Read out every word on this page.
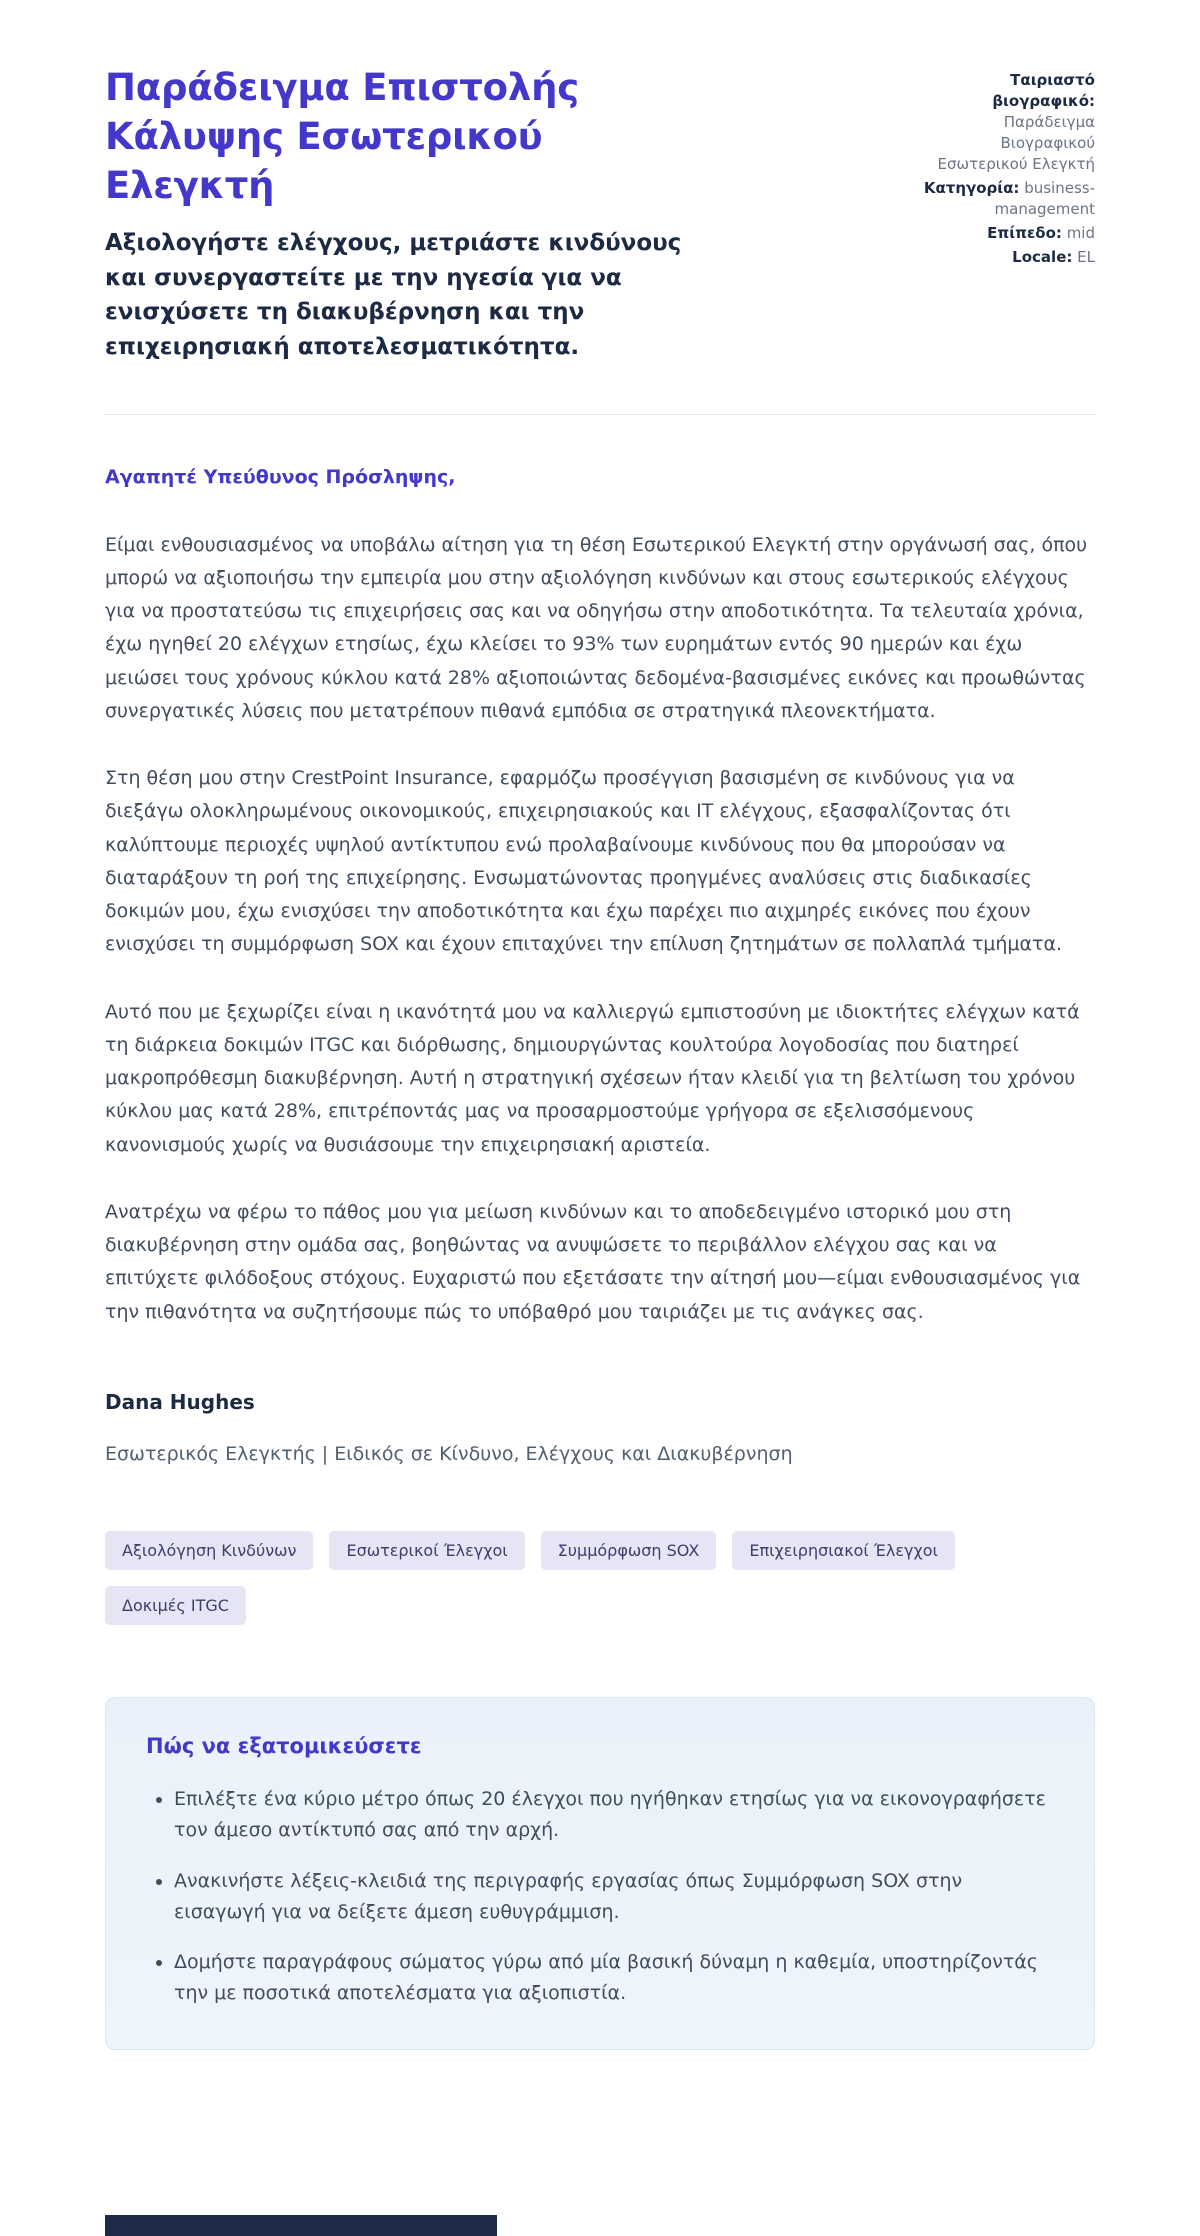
Παράδειγμα Επιστολής Κάλυψης Εσωτερικού Ελεγκτή
Αξιολογήστε ελέγχους, μετριάστε κινδύνους και συνεργαστείτε με την ηγεσία για να ενισχύσετε τη διακυβέρνηση και την επιχειρησιακή αποτελεσματικότητα.
Ταιριαστό βιογραφικό: Παράδειγμα Βιογραφικού Εσωτερικού Ελεγκτή
Κατηγορία: business-management
Επίπεδο: mid
Locale: EL

Αγαπητέ Υπεύθυνος Πρόσληψης,

Είμαι ενθουσιασμένος να υποβάλω αίτηση για τη θέση Εσωτερικού Ελεγκτή στην οργάνωσή σας, όπου μπορώ να αξιοποιήσω την εμπειρία μου στην αξιολόγηση κινδύνων και στους εσωτερικούς ελέγχους για να προστατεύσω τις επιχειρήσεις σας και να οδηγήσω στην αποδοτικότητα. Τα τελευταία χρόνια, έχω ηγηθεί 20 ελέγχων ετησίως, έχω κλείσει το 93% των ευρημάτων εντός 90 ημερών και έχω μειώσει τους χρόνους κύκλου κατά 28% αξιοποιώντας δεδομένα-βασισμένες εικόνες και προωθώντας συνεργατικές λύσεις που μετατρέπουν πιθανά εμπόδια σε στρατηγικά πλεονεκτήματα.

Στη θέση μου στην CrestPoint Insurance, εφαρμόζω προσέγγιση βασισμένη σε κινδύνους για να διεξάγω ολοκληρωμένους οικονομικούς, επιχειρησιακούς και IT ελέγχους, εξασφαλίζοντας ότι καλύπτουμε περιοχές υψηλού αντίκτυπου ενώ προλαβαίνουμε κινδύνους που θα μπορούσαν να διαταράξουν τη ροή της επιχείρησης. Ενσωματώνοντας προηγμένες αναλύσεις στις διαδικασίες δοκιμών μου, έχω ενισχύσει την αποδοτικότητα και έχω παρέχει πιο αιχμηρές εικόνες που έχουν ενισχύσει τη συμμόρφωση SOX και έχουν επιταχύνει την επίλυση ζητημάτων σε πολλαπλά τμήματα.

Αυτό που με ξεχωρίζει είναι η ικανότητά μου να καλλιεργώ εμπιστοσύνη με ιδιοκτήτες ελέγχων κατά τη διάρκεια δοκιμών ITGC και διόρθωσης, δημιουργώντας κουλτούρα λογοδοσίας που διατηρεί μακροπρόθεσμη διακυβέρνηση. Αυτή η στρατηγική σχέσεων ήταν κλειδί για τη βελτίωση του χρόνου κύκλου μας κατά 28%, επιτρέποντάς μας να προσαρμοστούμε γρήγορα σε εξελισσόμενους κανονισμούς χωρίς να θυσιάσουμε την επιχειρησιακή αριστεία.

Ανατρέχω να φέρω το πάθος μου για μείωση κινδύνων και το αποδεδειγμένο ιστορικό μου στη διακυβέρνηση στην ομάδα σας, βοηθώντας να ανυψώσετε το περιβάλλον ελέγχου σας και να επιτύχετε φιλόδοξους στόχους. Ευχαριστώ που εξετάσατε την αίτησή μου—είμαι ενθουσιασμένος για την πιθανότητα να συζητήσουμε πώς το υπόβαθρό μου ταιριάζει με τις ανάγκες σας.

Dana Hughes

Εσωτερικός Ελεγκτής | Ειδικός σε Κίνδυνο, Ελέγχους και Διακυβέρνηση

Αξιολόγηση Κινδύνων	Εσωτερικοί Έλεγχοι	Συμμόρφωση SOX	Επιχειρησιακοί Έλεγχοι
Δοκιμές ITGC
Πώς να εξατομικεύσετε
• Επιλέξτε ένα κύριο μέτρο όπως 20 έλεγχοι που ηγήθηκαν ετησίως για να εικονογραφήσετε τον άμεσο αντίκτυπό σας από την αρχή.
• Ανακινήστε λέξεις-κλειδιά της περιγραφής εργασίας όπως Συμμόρφωση SOX στην εισαγωγή για να δείξετε άμεση ευθυγράμμιση.
• Δομήστε παραγράφους σώματος γύρω από μία βασική δύναμη η καθεμία, υποστηρίζοντάς την με ποσοτικά αποτελέσματα για αξιοπιστία.
